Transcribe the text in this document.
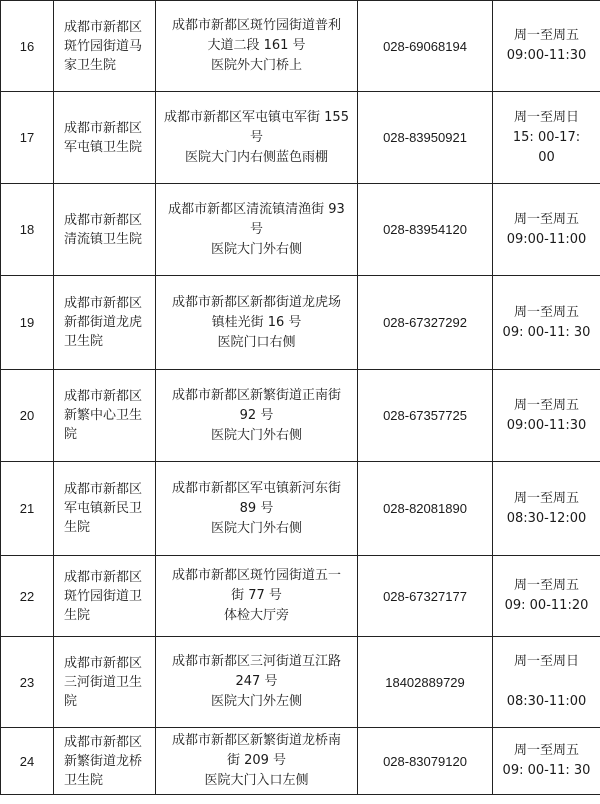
16	成都市新都区
斑竹园街道马
家卫生院	成都市新都区斑竹园街道普利
大道二段 161 号
医院外大门桥上	028-69068194	周一至周五
09:00-11:30
17	成都市新都区
军屯镇卫生院	成都市新都区军屯镇屯军街 155
号
医院大门内右侧蓝色雨棚	028-83950921	周一至周日
15: 00-17:
00
18	成都市新都区
清流镇卫生院	成都市新都区清流镇清渔街 93
号
医院大门外右侧	028-83954120	周一至周五
09:00-11:00
19	成都市新都区
新都街道龙虎
卫生院	成都市新都区新都街道龙虎场
镇桂光街 16 号
医院门口右侧	028-67327292	周一至周五
09: 00-11: 30
20	成都市新都区
新繁中心卫生
院	成都市新都区新繁街道正南街
92 号
医院大门外右侧	028-67357725	周一至周五
09:00-11:30
21	成都市新都区
军屯镇新民卫
生院	成都市新都区军屯镇新河东街
89 号
医院大门外右侧	028-82081890	周一至周五
08:30-12:00
22	成都市新都区
斑竹园街道卫
生院	成都市新都区斑竹园街道五一
街 77 号
体检大厅旁	028-67327177	周一至周五
09: 00-11:20
23	成都市新都区
三河街道卫生
院	成都市新都区三河街道互江路
247 号
医院大门外左侧	18402889729	周一至周日

08:30-11:00
24	成都市新都区
新繁街道龙桥
卫生院	成都市新都区新繁街道龙桥南
街 209 号
医院大门入口左侧	028-83079120	周一至周五
09: 00-11: 30
